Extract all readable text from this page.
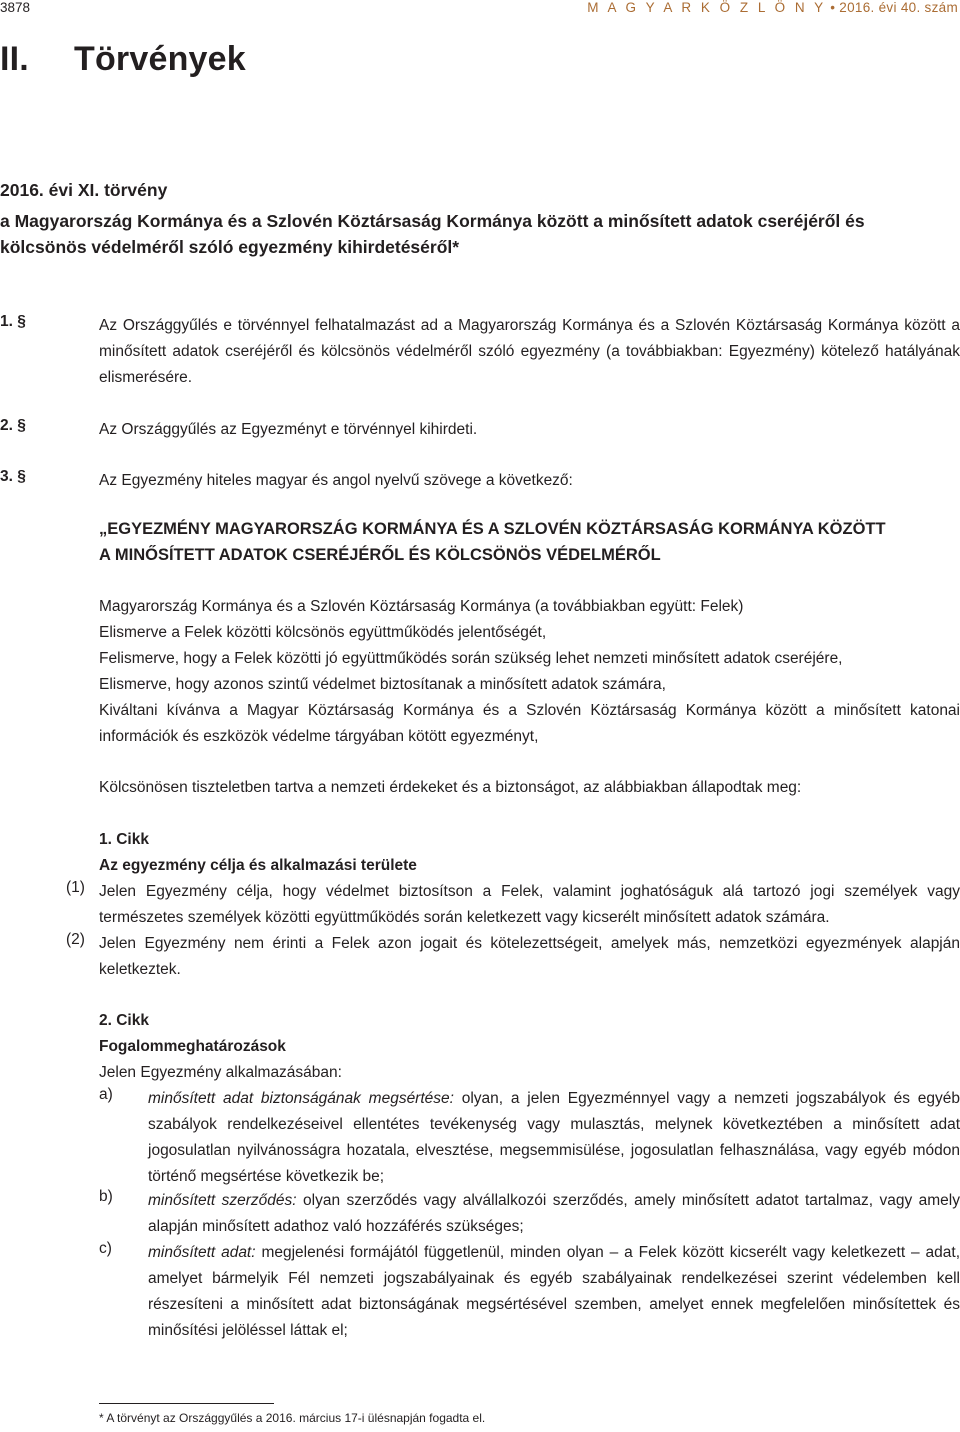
3878	M A G Y A R K Ö Z L Ö N Y • 2016. évi 40. szám
II. Törvények
2016. évi XI. törvény
a Magyarország Kormánya és a Szlovén Köztársaság Kormánya között a minősített adatok cseréjéről és kölcsönös védelméről szóló egyezmény kihirdetéséről*
1. §	Az Országgyűlés e törvénnyel felhatalmazást ad a Magyarország Kormánya és a Szlovén Köztársaság Kormánya között a minősített adatok cseréjéről és kölcsönös védelméről szóló egyezmény (a továbbiakban: Egyezmény) kötelező hatályának elismerésére.
2. §	Az Országgyűlés az Egyezményt e törvénnyel kihirdeti.
3. §	Az Egyezmény hiteles magyar és angol nyelvű szövege a következő:
„EGYEZMÉNY MAGYARORSZÁG KORMÁNYA ÉS A SZLOVÉN KÖZTÁRSASÁG KORMÁNYA KÖZÖTT
A MINŐSÍTETT ADATOK CSERÉJÉRŐL ÉS KÖLCSÖNÖS VÉDELMÉRŐL
Magyarország Kormánya és a Szlovén Köztársaság Kormánya (a továbbiakban együtt: Felek)
Elismerve a Felek közötti kölcsönös együttműködés jelentőségét,
Felismerve, hogy a Felek közötti jó együttműködés során szükség lehet nemzeti minősített adatok cseréjére,
Elismerve, hogy azonos szintű védelmet biztosítanak a minősített adatok számára,
Kiváltani kívánva a Magyar Köztársaság Kormánya és a Szlovén Köztársaság Kormánya között a minősített katonai információk és eszközök védelme tárgyában kötött egyezményt,
Kölcsönösen tiszteletben tartva a nemzeti érdekeket és a biztonságot, az alábbiakban állapodtak meg:
1. Cikk
Az egyezmény célja és alkalmazási területe
(1) Jelen Egyezmény célja, hogy védelmet biztosítson a Felek, valamint joghatóságuk alá tartozó jogi személyek vagy természetes személyek közötti együttműködés során keletkezett vagy kicserélt minősített adatok számára.
(2) Jelen Egyezmény nem érinti a Felek azon jogait és kötelezettségeit, amelyek más, nemzetközi egyezmények alapján keletkeztek.
2. Cikk
Fogalommeghatározások
Jelen Egyezmény alkalmazásában:
a) minősített adat biztonságának megsértése: olyan, a jelen Egyezménnyel vagy a nemzeti jogszabályok és egyéb szabályok rendelkezéseivel ellentétes tevékenység vagy mulasztás, melynek következtében a minősített adat jogosulatlan nyilvánosságra hozatala, elvesztése, megsemmisülése, jogosulatlan felhasználása, vagy egyéb módon történő megsértése következik be;
b) minősített szerződés: olyan szerződés vagy alvállalkozói szerződés, amely minősített adatot tartalmaz, vagy amely alapján minősített adathoz való hozzáférés szükséges;
c) minősített adat: megjelenési formájától függetlenül, minden olyan – a Felek között kicserélt vagy keletkezett – adat, amelyet bármelyik Fél nemzeti jogszabályainak és egyéb szabályainak rendelkezései szerint védelemben kell részesíteni a minősített adat biztonságának megsértésével szemben, amelyet ennek megfelelően minősítettek és minősítési jelöléssel láttak el;
* A törvényt az Országgyűlés a 2016. március 17-i ülésnapján fogadta el.
